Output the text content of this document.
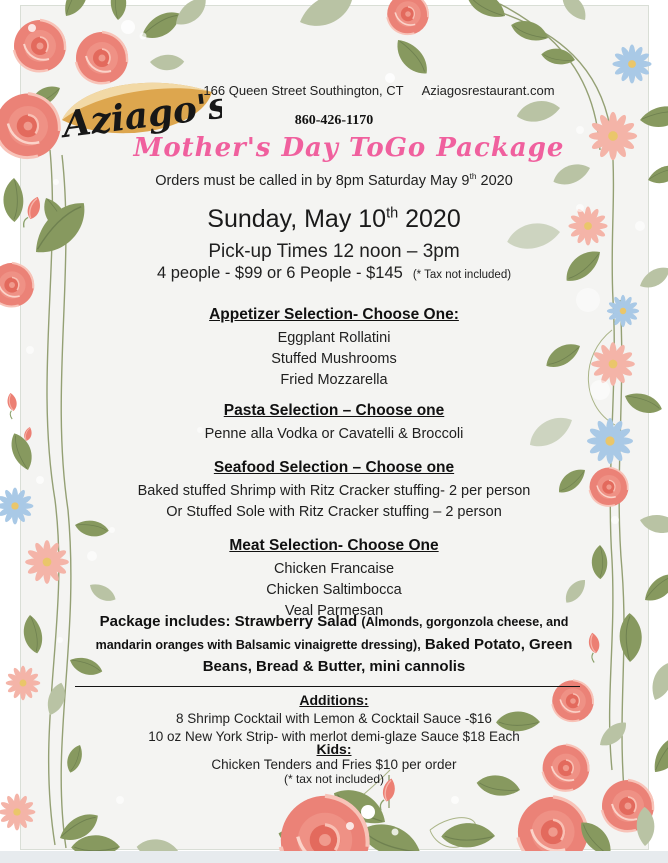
Aziago's
166 Queen Street Southington, CT Aziagosrestaurant.com
860-426-1170
Mother's Day ToGo Package
Orders must be called in by 8pm Saturday May 9th 2020
Sunday, May 10th 2020
Pick-up Times 12 noon – 3pm
4 people - $99 or 6 People - $145 (* Tax not included)
Appetizer Selection- Choose One:
Eggplant Rollatini
Stuffed Mushrooms
Fried Mozzarella
Pasta Selection – Choose one
Penne alla Vodka or Cavatelli & Broccoli
Seafood Selection – Choose one
Baked stuffed Shrimp with Ritz Cracker stuffing- 2 per person
Or Stuffed Sole with Ritz Cracker stuffing – 2 person
Meat Selection- Choose One
Chicken Francaise
Chicken Saltimbocca
Veal Parmesan
Package includes: Strawberry Salad (Almonds, gorgonzola cheese, and mandarin oranges with Balsamic vinaigrette dressing), Baked Potato, Green Beans, Bread & Butter, mini cannolis
Additions:
8 Shrimp Cocktail with Lemon & Cocktail Sauce -$16
10 oz New York Strip- with merlot demi-glaze Sauce $18 Each
Kids:
Chicken Tenders and Fries $10 per order
(* tax not included)
